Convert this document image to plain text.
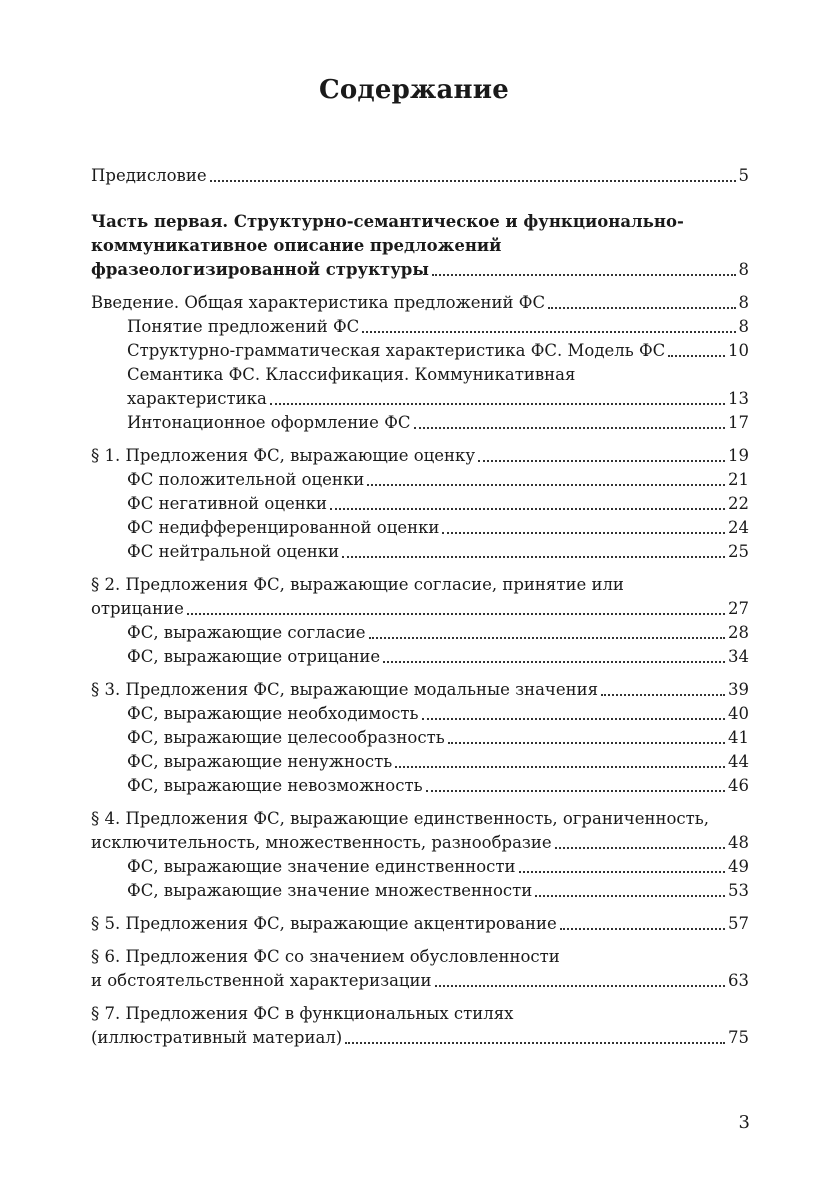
Содержание
Предисловие	5
Часть первая. Структурно-семантическое и функционально-
коммуникативное описание предложений
фразеологизированной структуры	8
Введение. Общая характеристика предложений ФС	8
Понятие предложений ФС	8
Структурно-грамматическая характеристика ФС. Модель ФС	10
Семантика ФС. Классификация. Коммуникативная
характеристика	13
Интонационное оформление ФС	17
§ 1. Предложения ФС, выражающие оценку	19
ФС положительной оценки	21
ФС негативной оценки	22
ФС недифференцированной оценки	24
ФС нейтральной оценки	25
§ 2. Предложения ФС, выражающие согласие, принятие или
отрицание	27
ФС, выражающие согласие	28
ФС, выражающие отрицание	34
§ 3. Предложения ФС, выражающие модальные значения	39
ФС, выражающие необходимость	40
ФС, выражающие целесообразность	41
ФС, выражающие ненужность	44
ФС, выражающие невозможность	46
§ 4. Предложения ФС, выражающие единственность, ограниченность,
исключительность, множественность, разнообразие	48
ФС, выражающие значение единственности	49
ФС, выражающие значение множественности	53
§ 5. Предложения ФС, выражающие акцентирование	57
§ 6. Предложения ФС со значением обусловленности
и обстоятельственной характеризации	63
§ 7. Предложения ФС в функциональных стилях
(иллюстративный материал)	75
3
